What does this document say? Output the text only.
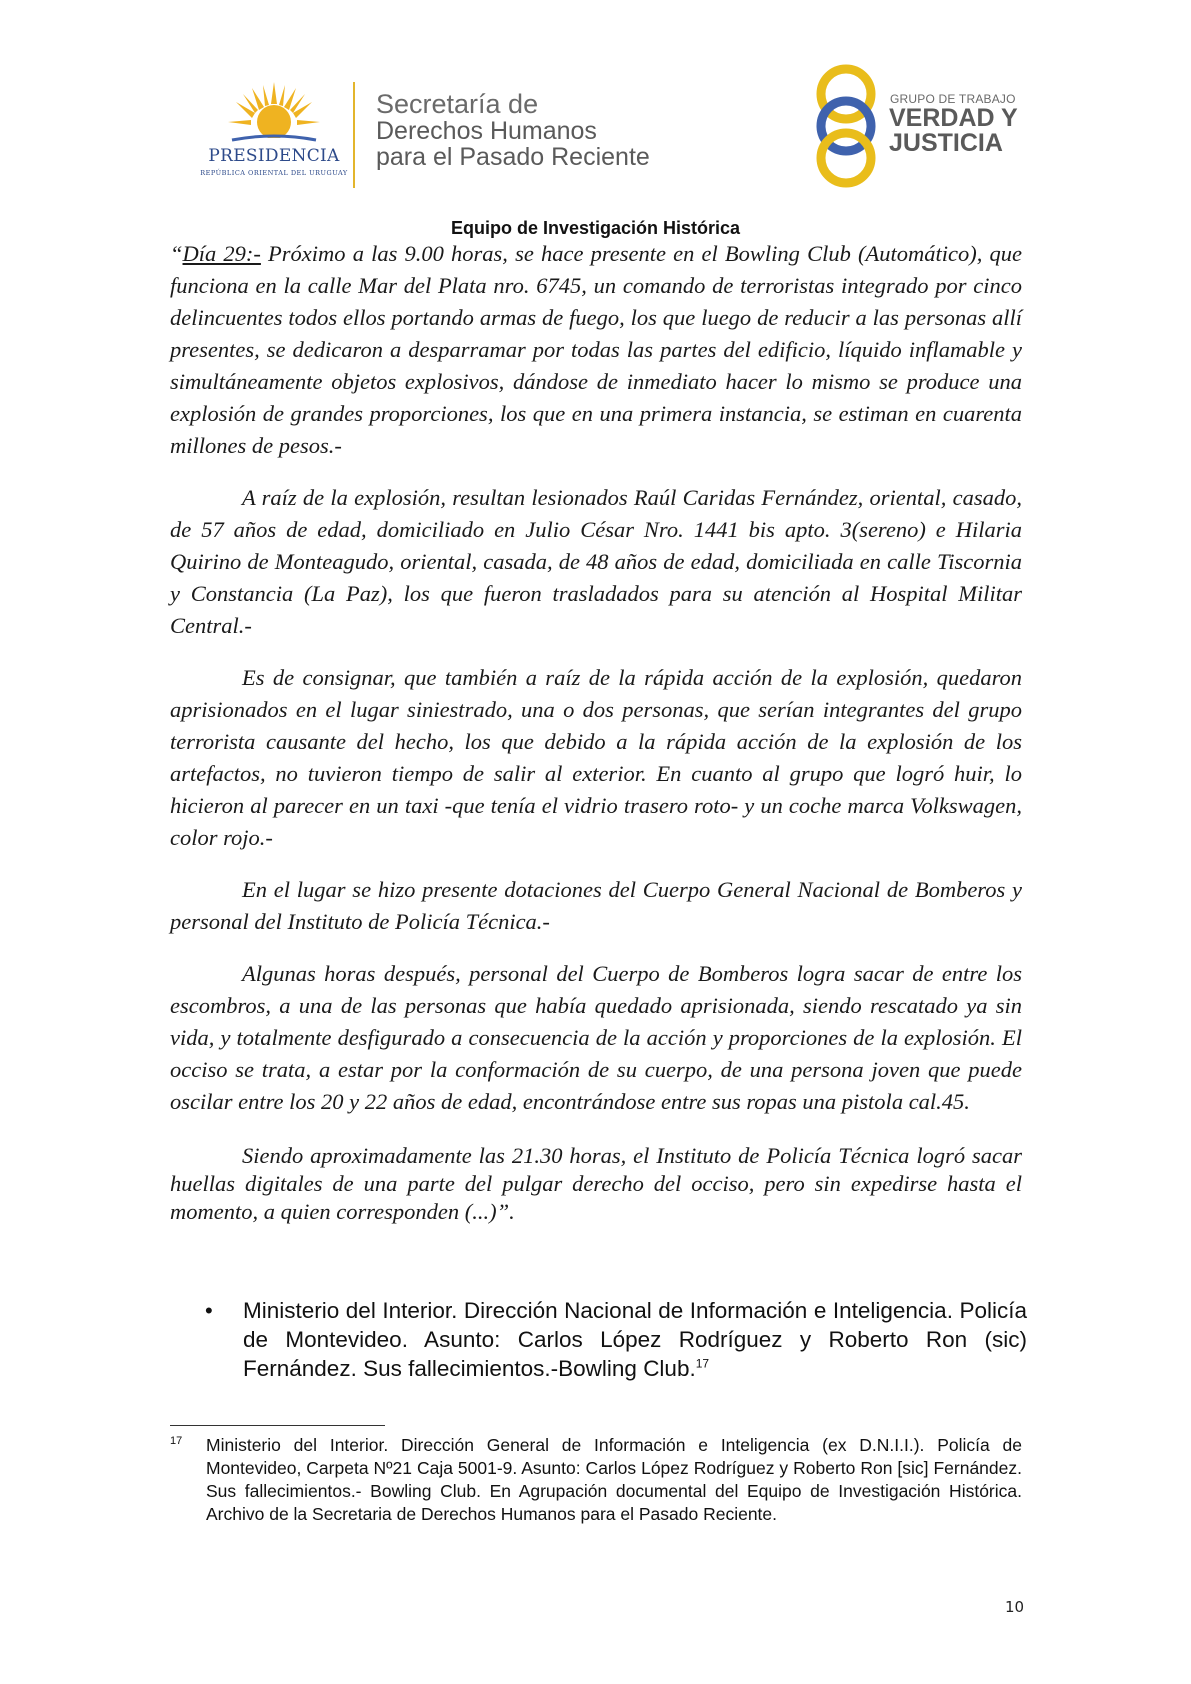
PRESIDENCIA
REPÚBLICA ORIENTAL DEL URUGUAY
Secretaría de
Derechos Humanos
para el Pasado Reciente
GRUPO DE TRABAJO
VERDAD Y
JUSTICIA
Equipo de Investigación Histórica

“Día 29:- Próximo a las 9.00 horas, se hace presente en el Bowling Club (Automático), que funciona en la calle Mar del Plata nro. 6745, un comando de terroristas integrado por cinco delincuentes todos ellos portando armas de fuego, los que luego de reducir a las personas allí presentes, se dedicaron a desparramar por todas las partes del edificio, líquido inflamable y simultáneamente objetos explosivos, dándose de inmediato hacer lo mismo se produce una explosión de grandes proporciones, los que en una primera instancia, se estiman en cuarenta millones de pesos.-

A raíz de la explosión, resultan lesionados Raúl Caridas Fernández, oriental, casado, de 57 años de edad, domiciliado en Julio César Nro. 1441 bis apto. 3(sereno) e Hilaria Quirino de Monteagudo, oriental, casada, de 48 años de edad, domiciliada en calle Tiscornia y Constancia (La Paz), los que fueron trasladados para su atención al Hospital Militar Central.-

Es de consignar, que también a raíz de la rápida acción de la explosión, quedaron aprisionados en el lugar siniestrado, una o dos personas, que serían integrantes del grupo terrorista causante del hecho, los que debido a la rápida acción de la explosión de los artefactos, no tuvieron tiempo de salir al exterior. En cuanto al grupo que logró huir, lo hicieron al parecer en un taxi -que tenía el vidrio trasero roto- y un coche marca Volkswagen, color rojo.-

En el lugar se hizo presente dotaciones del Cuerpo General Nacional de Bomberos y personal del Instituto de Policía Técnica.-

Algunas horas después, personal del Cuerpo de Bomberos logra sacar de entre los escombros, a una de las personas que había quedado aprisionada, siendo rescatado ya sin vida, y totalmente desfigurado a consecuencia de la acción y proporciones de la explosión. El occiso se trata, a estar por la conformación de su cuerpo, de una persona joven que puede oscilar entre los 20 y 22 años de edad, encontrándose entre sus ropas una pistola cal.45.

Siendo aproximadamente las 21.30 horas, el Instituto de Policía Técnica logró sacar huellas digitales de una parte del pulgar derecho del occiso, pero sin expedirse hasta el momento, a quien corresponden (...)”.

• Ministerio del Interior. Dirección Nacional de Información e Inteligencia. Policía de Montevideo. Asunto: Carlos López Rodríguez y Roberto Ron (sic) Fernández. Sus fallecimientos.-Bowling Club.$^{17}$
17 Ministerio del Interior. Dirección General de Información e Inteligencia (ex D.N.I.I.). Policía de Montevideo, Carpeta Nº21 Caja 5001-9. Asunto: Carlos López Rodríguez y Roberto Ron [sic] Fernández. Sus fallecimientos.- Bowling Club. En Agrupación documental del Equipo de Investigación Histórica. Archivo de la Secretaria de Derechos Humanos para el Pasado Reciente.
10
